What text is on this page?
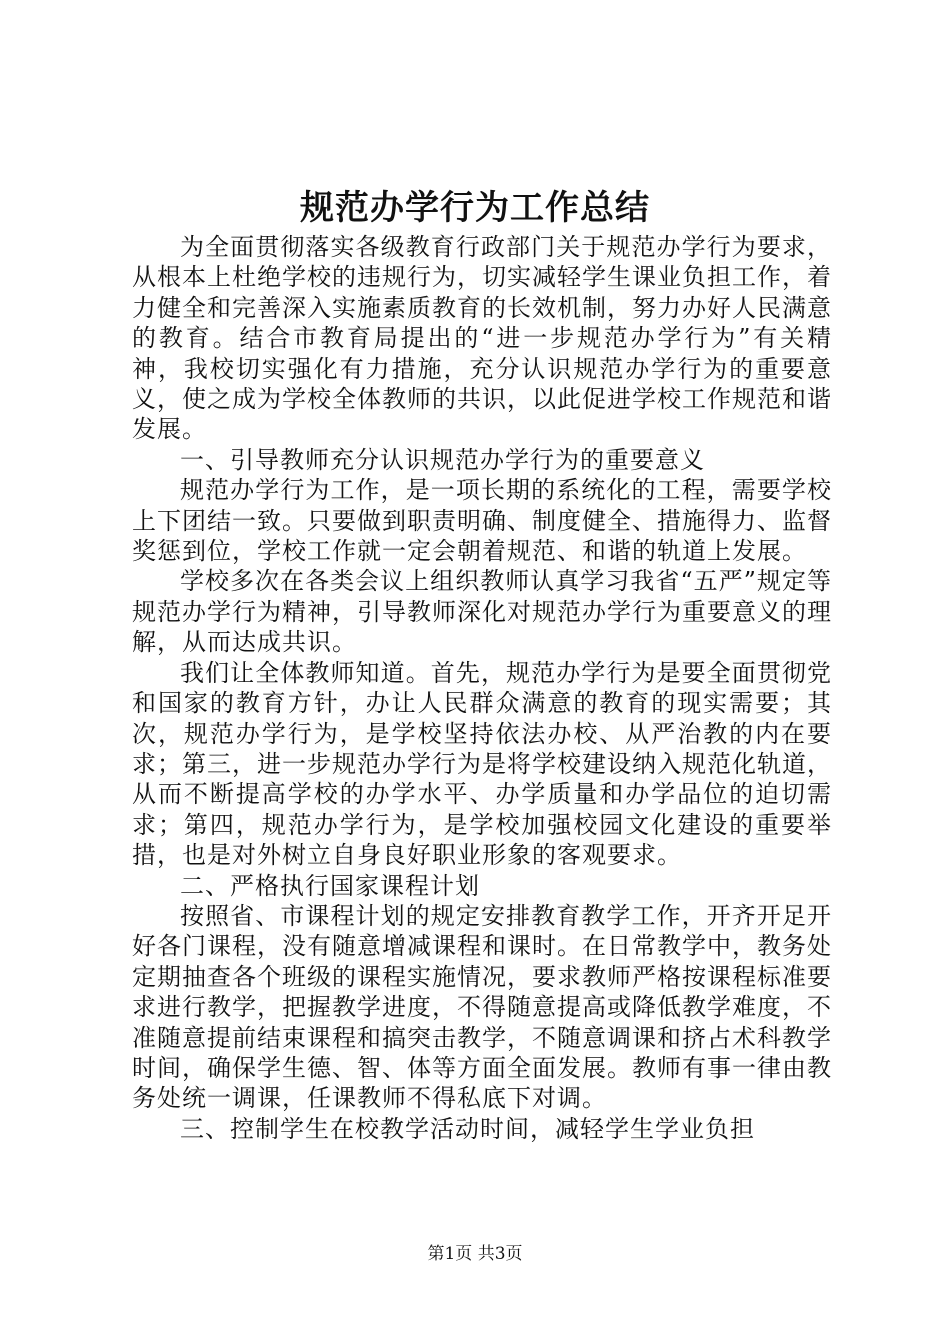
规范办学行为工作总结

为全面贯彻落实各级教育行政部门关于规范办学行为要求，从根本上杜绝学校的违规行为，切实减轻学生课业负担工作，着力健全和完善深入实施素质教育的长效机制，努力办好人民满意的教育。结合市教育局提出的“进一步规范办学行为”有关精神，我校切实强化有力措施，充分认识规范办学行为的重要意义，使之成为学校全体教师的共识，以此促进学校工作规范和谐发展。

一、引导教师充分认识规范办学行为的重要意义

规范办学行为工作，是一项长期的系统化的工程，需要学校上下团结一致。只要做到职责明确、制度健全、措施得力、监督奖惩到位，学校工作就一定会朝着规范、和谐的轨道上发展。

学校多次在各类会议上组织教师认真学习我省“五严”规定等规范办学行为精神，引导教师深化对规范办学行为重要意义的理解，从而达成共识。

我们让全体教师知道。首先，规范办学行为是要全面贯彻党和国家的教育方针，办让人民群众满意的教育的现实需要；其次，规范办学行为，是学校坚持依法办校、从严治教的内在要求；第三，进一步规范办学行为是将学校建设纳入规范化轨道，从而不断提高学校的办学水平、办学质量和办学品位的迫切需求；第四，规范办学行为，是学校加强校园文化建设的重要举措，也是对外树立自身良好职业形象的客观要求。

二、严格执行国家课程计划

按照省、市课程计划的规定安排教育教学工作，开齐开足开好各门课程，没有随意增减课程和课时。在日常教学中，教务处定期抽查各个班级的课程实施情况，要求教师严格按课程标准要求进行教学，把握教学进度，不得随意提高或降低教学难度，不准随意提前结束课程和搞突击教学，不随意调课和挤占术科教学时间，确保学生德、智、体等方面全面发展。教师有事一律由教务处统一调课，任课教师不得私底下对调。

三、控制学生在校教学活动时间，减轻学生学业负担

第1页 共3页
